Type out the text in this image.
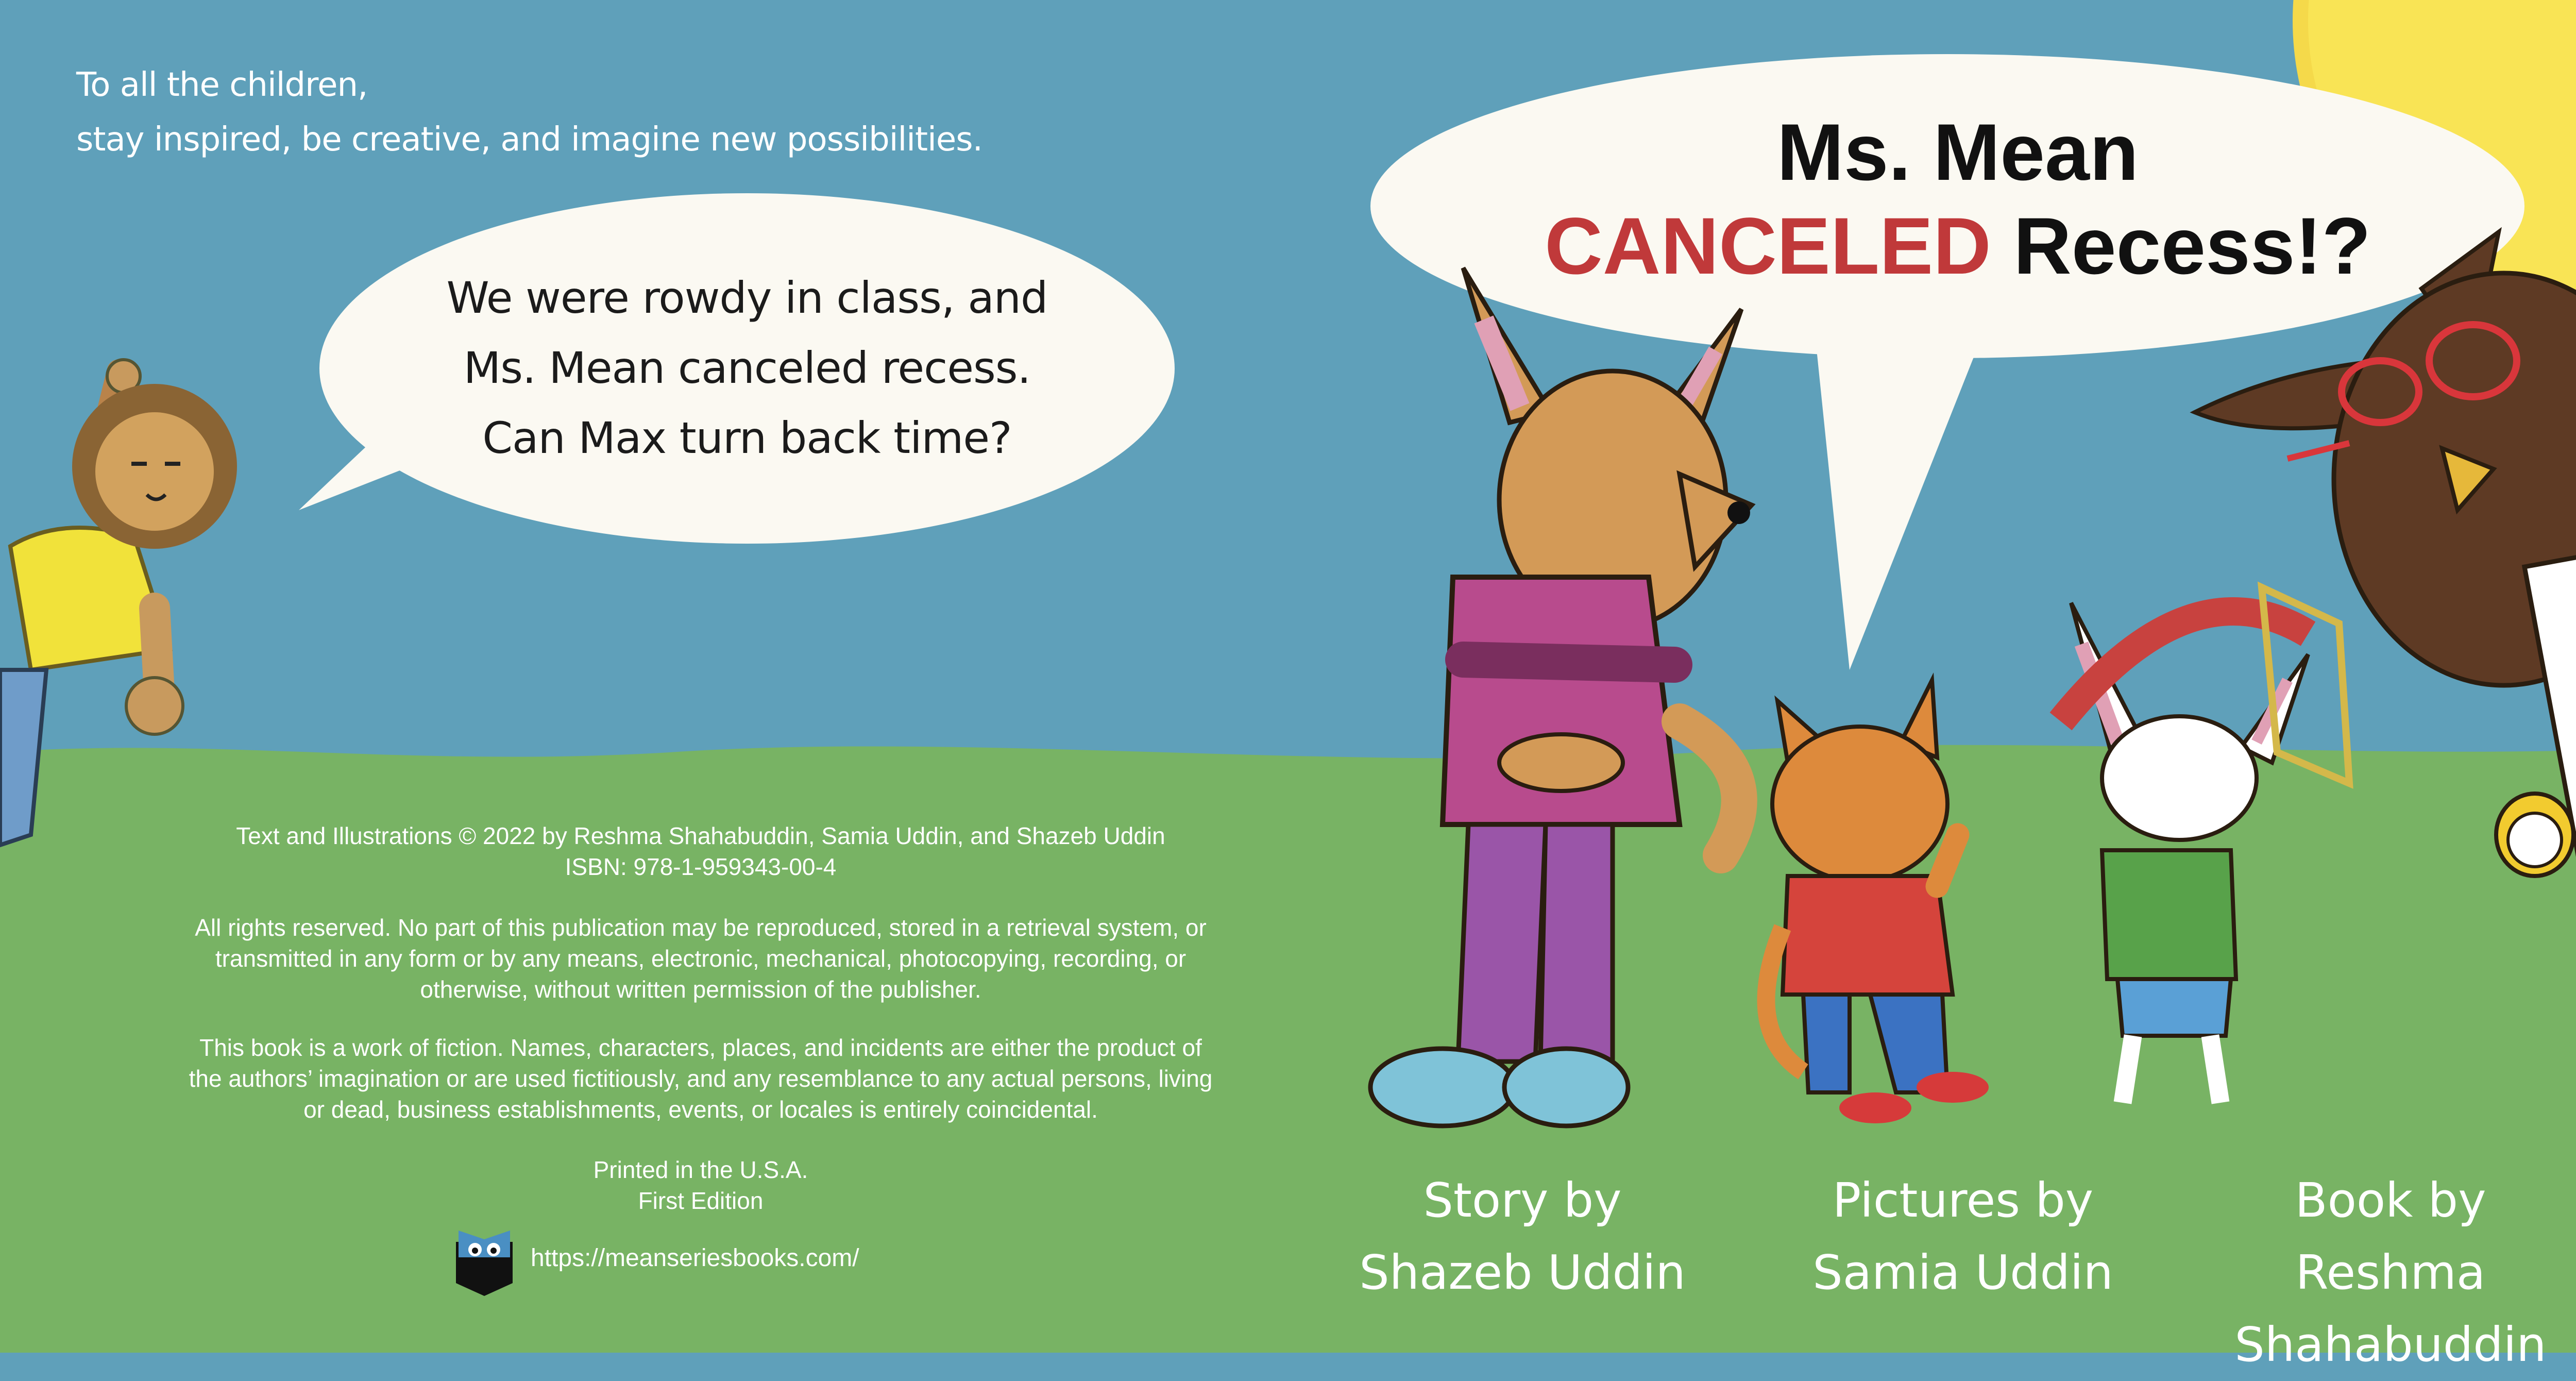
To all the children,
stay inspired, be creative, and imagine new possibilities.
We were rowdy in class, and
Ms. Mean canceled recess.
Can Max turn back time?
Ms. Mean
CANCELED Recess!?
Text and Illustrations © 2022 by Reshma Shahabuddin, Samia Uddin, and Shazeb Uddin
ISBN: 978-1-959343-00-4
All rights reserved. No part of this publication may be reproduced, stored in a retrieval system, or
transmitted in any form or by any means, electronic, mechanical, photocopying, recording, or
otherwise, without written permission of the publisher.
This book is a work of fiction. Names, characters, places, and incidents are either the product of
the authors’ imagination or are used fictitiously, and any resemblance to any actual persons, living
or dead, business establishments, events, or locales is entirely coincidental.
Printed in the U.S.A.
First Edition
https://meanseriesbooks.com/
Story by
Shazeb Uddin
Pictures by
Samia Uddin
Book by
Reshma Shahabuddin
